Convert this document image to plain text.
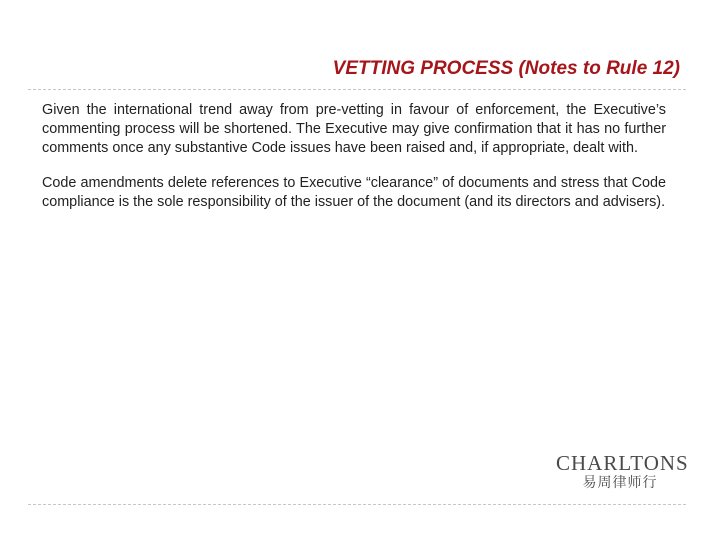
VETTING PROCESS (Notes to Rule 12)

Given the international trend away from pre-vetting in favour of enforcement, the Executive’s commenting process will be shortened. The Executive may give confirmation that it has no further comments once any substantive Code issues have been raised and, if appropriate, dealt with.

Code amendments delete references to Executive “clearance” of documents and stress that Code compliance is the sole responsibility of the issuer of the document (and its directors and advisers).

CHARLTONS
易周律师行
